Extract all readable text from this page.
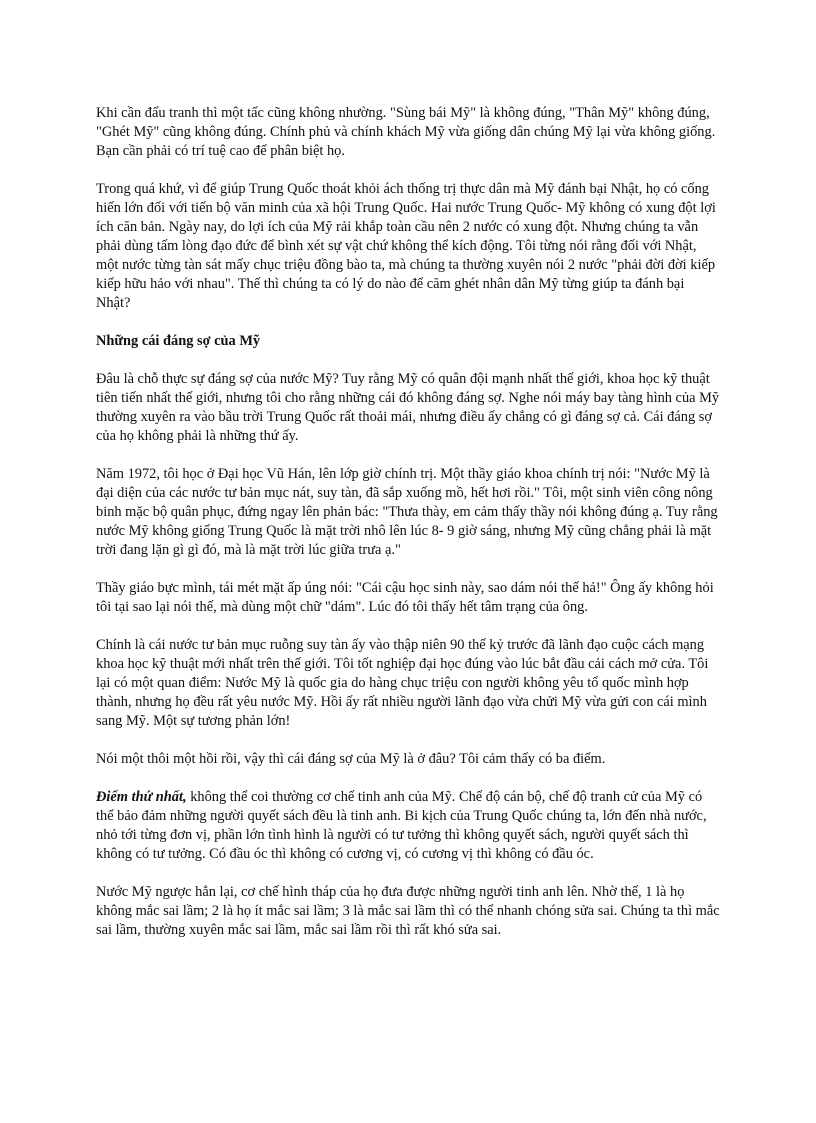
Khi cần đấu tranh thì một tấc cũng không nhường. "Sùng bái Mỹ" là không đúng, "Thân Mỹ" không đúng, "Ghét Mỹ" cũng không đúng. Chính phủ và chính khách Mỹ vừa giống dân chúng Mỹ lại vừa không giống. Bạn cần phải có trí tuệ cao để phân biệt họ.

Trong quá khứ, vì để giúp Trung Quốc thoát khỏi ách thống trị thực dân mà Mỹ đánh bại Nhật, họ có cống hiến lớn đối với tiến bộ văn minh của xã hội Trung Quốc. Hai nước Trung Quốc- Mỹ không có xung đột lợi ích căn bản. Ngày nay, do lợi ích của Mỹ rải khắp toàn cầu nên 2 nước có xung đột. Nhưng chúng ta vẫn phải dùng tấm lòng đạo đức để bình xét sự vật chứ không thể kích động. Tôi từng nói rằng đối với Nhật, một nước từng tàn sát mấy chục triệu đồng bào ta, mà chúng ta thường xuyên nói 2 nước "phải đời đời kiếp kiếp hữu hảo với nhau". Thế thì chúng ta có lý do nào để căm ghét nhân dân Mỹ từng giúp ta đánh bại Nhật?

Những cái đáng sợ của Mỹ

Đâu là chỗ thực sự đáng sợ của nước Mỹ? Tuy rằng Mỹ có quân đội mạnh nhất thế giới, khoa học kỹ thuật tiên tiến nhất thế giới, nhưng tôi cho rằng những cái đó không đáng sợ. Nghe nói máy bay tàng hình của Mỹ thường xuyên ra vào bầu trời Trung Quốc rất thoải mái, nhưng điều ấy chẳng có gì đáng sợ cả. Cái đáng sợ của họ không phải là những thứ ấy.

Năm 1972, tôi học ở Đại học Vũ Hán, lên lớp giờ chính trị. Một thầy giáo khoa chính trị nói: "Nước Mỹ là đại diện của các nước tư bản mục nát, suy tàn, đã sắp xuống mồ, hết hơi rồi." Tôi, một sinh viên công nông binh mặc bộ quân phục, đứng ngay lên phản bác: "Thưa thày, em cảm thấy thầy nói không đúng ạ. Tuy rằng nước Mỹ không giống Trung Quốc là mặt trời nhô lên lúc 8- 9 giờ sáng, nhưng Mỹ cũng chẳng phải là mặt trời đang lặn gì gì đó, mà là mặt trời lúc giữa trưa ạ."

Thầy giáo bực mình, tái mét mặt ấp úng nói: "Cái cậu học sinh này, sao dám nói thế hả!" Ông ấy không hỏi tôi tại sao lại nói thế, mà dùng một chữ "dám". Lúc đó tôi thấy hết tâm trạng của ông.

Chính là cái nước tư bản mục ruỗng suy tàn ấy vào thập niên 90 thế kỷ trước đã lãnh đạo cuộc cách mạng khoa học kỹ thuật mới nhất trên thế giới. Tôi tốt nghiệp đại học đúng vào lúc bắt đầu cải cách mở cửa. Tôi lại có một quan điểm: Nước Mỹ là quốc gia do hàng chục triệu con người không yêu tổ quốc mình hợp thành, nhưng họ đều rất yêu nước Mỹ. Hồi ấy rất nhiều người lãnh đạo vừa chửi Mỹ vừa gửi con cái mình sang Mỹ. Một sự tương phản lớn!

Nói một thôi một hồi rồi, vậy thì cái đáng sợ của Mỹ là ở đâu? Tôi cảm thấy có ba điểm.

Điểm thứ nhất, không thể coi thường cơ chế tinh anh của Mỹ. Chế độ cán bộ, chế độ tranh cử của Mỹ có thể bảo đảm những người quyết sách đều là tinh anh. Bi kịch của Trung Quốc chúng ta, lớn đến nhà nước, nhỏ tới từng đơn vị, phần lớn tình hình là người có tư tưởng thì không quyết sách, người quyết sách thì không có tư tưởng. Có đầu óc thì không có cương vị, có cương vị thì không có đầu óc.

Nước Mỹ ngược hẳn lại, cơ chế hình tháp của họ đưa được những người tinh anh lên. Nhờ thế, 1 là họ không mắc sai lầm; 2 là họ ít mắc sai lầm; 3 là mắc sai lầm thì có thể nhanh chóng sửa sai. Chúng ta thì mắc sai lầm, thường xuyên mắc sai lầm, mắc sai lầm rồi thì rất khó sửa sai.
